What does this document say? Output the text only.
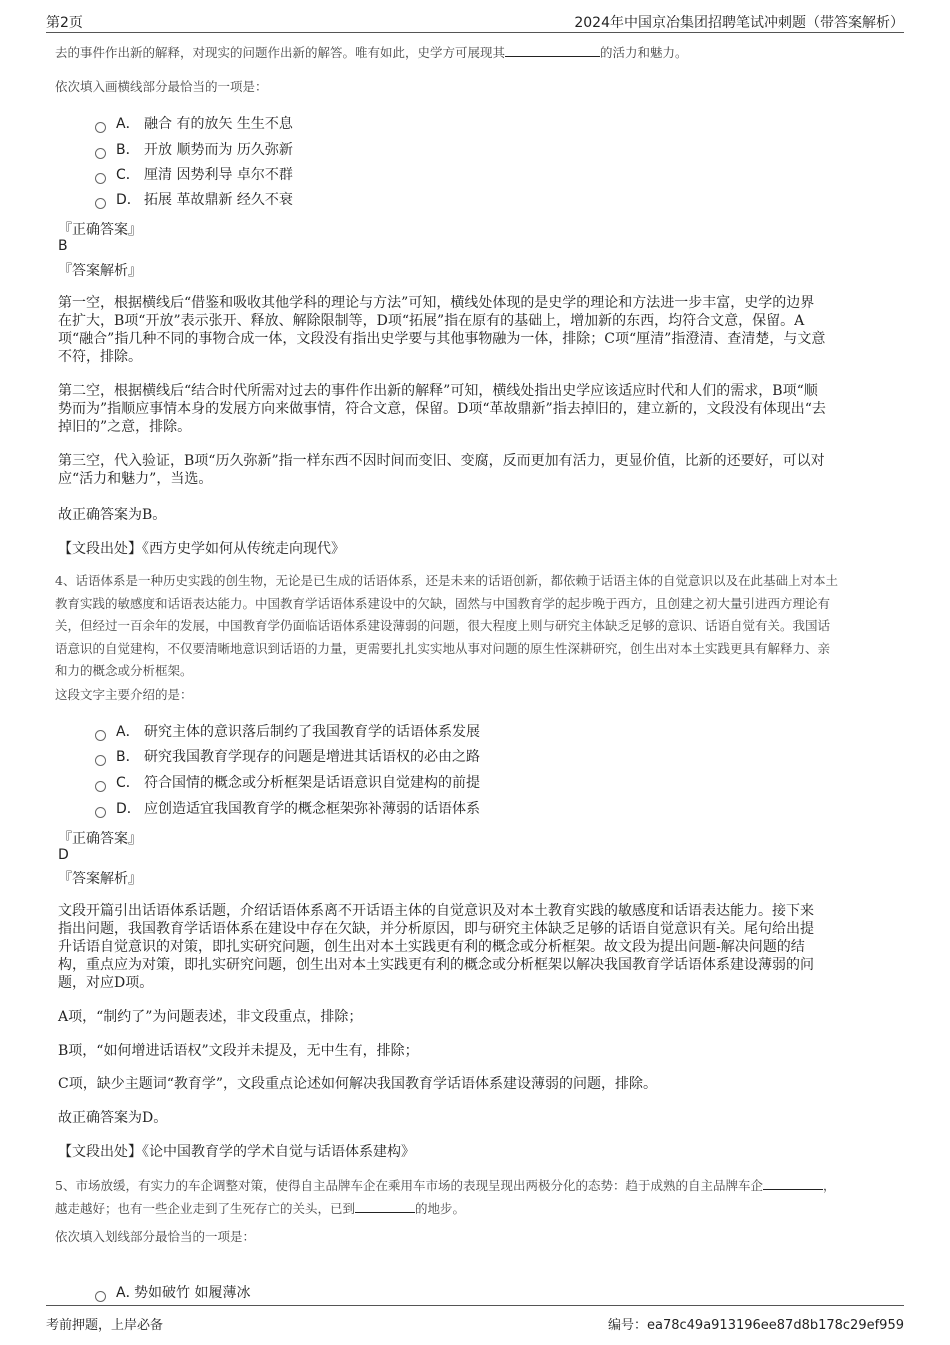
第2页	2024年中国京冶集团招聘笔试冲刺题（带答案解析）
去的事件作出新的解释，对现实的问题作出新的解答。唯有如此，史学方可展现其	的活力和魅力。
依次填入画横线部分最恰当的一项是：
A． 融合 有的放矢 生生不息
B． 开放 顺势而为 历久弥新
C． 厘清 因势利导 卓尔不群
D． 拓展 革故鼎新 经久不衰
『正确答案』
B
『答案解析』
第一空，根据横线后“借鉴和吸收其他学科的理论与方法”可知，横线处体现的是史学的理论和方法进一步丰富，史学的边界
在扩大，B项“开放”表示张开、释放、解除限制等，D项“拓展”指在原有的基础上，增加新的东西，均符合文意，保留。A
项“融合”指几种不同的事物合成一体，文段没有指出史学要与其他事物融为一体，排除；C项“厘清”指澄清、查清楚，与文意
不符，排除。
第二空，根据横线后“结合时代所需对过去的事件作出新的解释”可知，横线处指出史学应该适应时代和人们的需求，B项“顺
势而为”指顺应事情本身的发展方向来做事情，符合文意，保留。D项“革故鼎新”指去掉旧的，建立新的，文段没有体现出“去
掉旧的”之意，排除。
第三空，代入验证，B项“历久弥新”指一样东西不因时间而变旧、变腐，反而更加有活力，更显价值，比新的还要好，可以对
应“活力和魅力”，当选。
故正确答案为B。
【文段出处】《西方史学如何从传统走向现代》
4、话语体系是一种历史实践的创生物，无论是已生成的话语体系，还是未来的话语创新，都依赖于话语主体的自觉意识以及在此基础上对本土
教育实践的敏感度和话语表达能力。中国教育学话语体系建设中的欠缺，固然与中国教育学的起步晚于西方，且创建之初大量引进西方理论有
关，但经过一百余年的发展，中国教育学仍面临话语体系建设薄弱的问题，很大程度上则与研究主体缺乏足够的意识、话语自觉有关。我国话
语意识的自觉建构，不仅要清晰地意识到话语的力量，更需要扎扎实实地从事对问题的原生性深耕研究，创生出对本土实践更具有解释力、亲
和力的概念或分析框架。
这段文字主要介绍的是：
A． 研究主体的意识落后制约了我国教育学的话语体系发展
B． 研究我国教育学现存的问题是增进其话语权的必由之路
C． 符合国情的概念或分析框架是话语意识自觉建构的前提
D． 应创造适宜我国教育学的概念框架弥补薄弱的话语体系
『正确答案』
D
『答案解析』
文段开篇引出话语体系话题，介绍话语体系离不开话语主体的自觉意识及对本土教育实践的敏感度和话语表达能力。接下来
指出问题，我国教育学话语体系在建设中存在欠缺，并分析原因，即与研究主体缺乏足够的话语自觉意识有关。尾句给出提
升话语自觉意识的对策，即扎实研究问题，创生出对本土实践更有利的概念或分析框架。故文段为提出问题-解决问题的结
构，重点应为对策，即扎实研究问题，创生出对本土实践更有利的概念或分析框架以解决我国教育学话语体系建设薄弱的问
题，对应D项。
A项，“制约了”为问题表述，非文段重点，排除；
B项，“如何增进话语权”文段并未提及，无中生有，排除；
C项，缺少主题词“教育学”，文段重点论述如何解决我国教育学话语体系建设薄弱的问题，排除。
故正确答案为D。
【文段出处】《论中国教育学的学术自觉与话语体系建构》
5、市场放缓，有实力的车企调整对策，使得自主品牌车企在乘用车市场的表现呈现出两极分化的态势：趋于成熟的自主品牌车企	，
越走越好；也有一些企业走到了生死存亡的关头，已到	的地步。
依次填入划线部分最恰当的一项是：
A．势如破竹 如履薄冰
考前押题，上岸必备	编号：ea78c49a913196ee87d8b178c29ef959
